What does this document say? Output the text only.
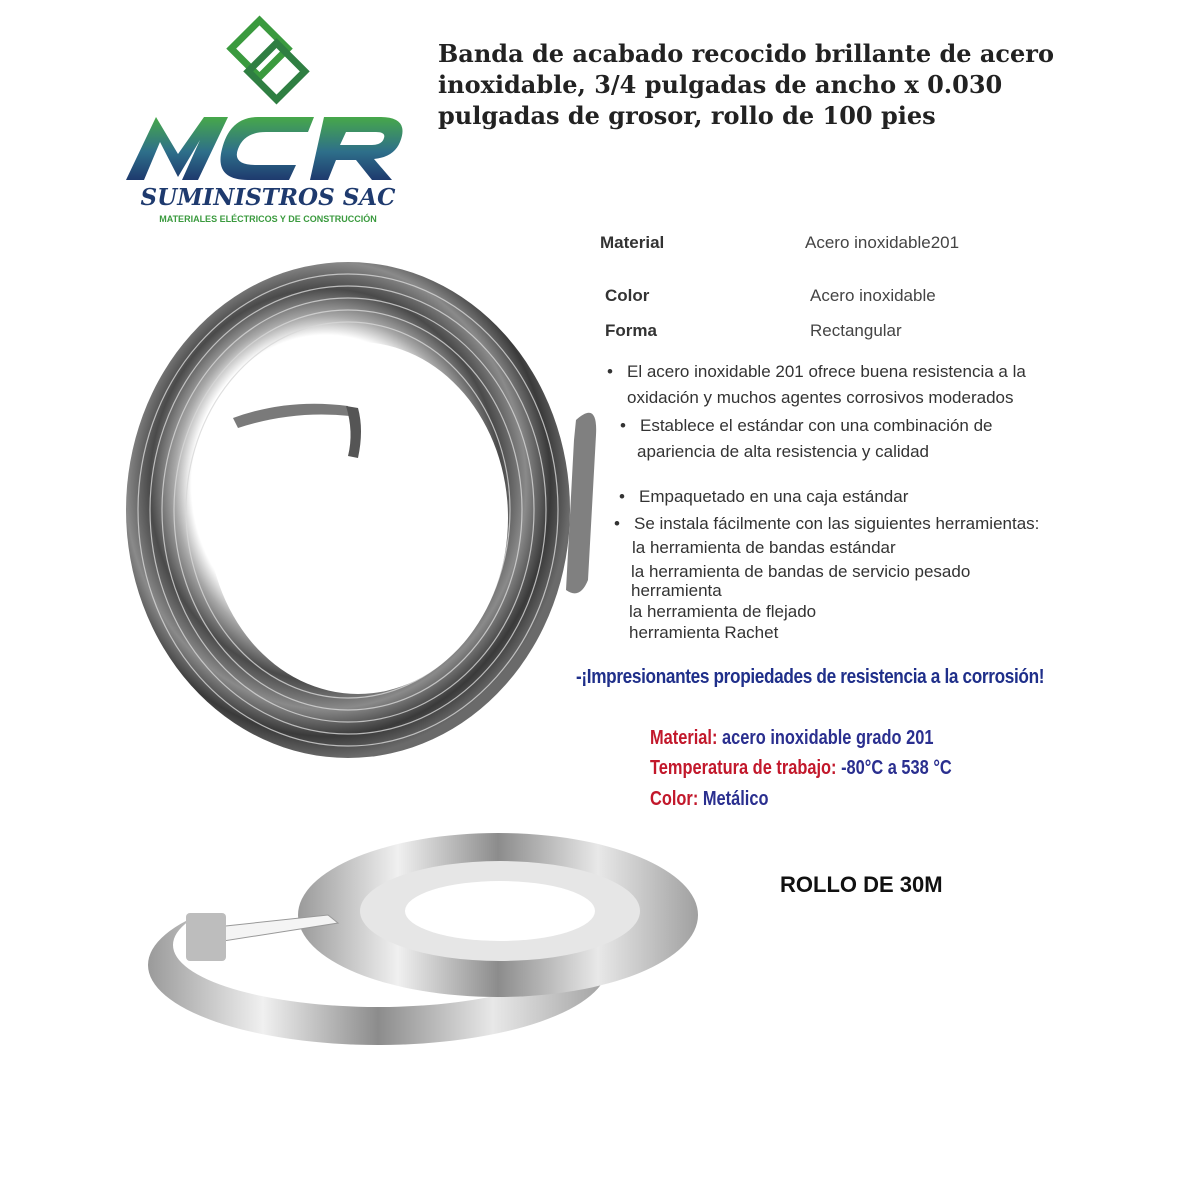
SUMINISTROS SAC
MATERIALES ELÉCTRICOS Y DE CONSTRUCCIÓN
Banda de acabado recocido brillante de acero inoxidable, 3/4 pulgadas de ancho x 0.030 pulgadas de grosor, rollo de 100 pies
Material	Acero inoxidable201
Color	Acero inoxidable
Forma	Rectangular
• El acero inoxidable 201 ofrece buena resistencia a la
oxidación y muchos agentes corrosivos moderados
• Establece el estándar con una combinación de
apariencia de alta resistencia y calidad
• Empaquetado en una caja estándar
• Se instala fácilmente con las siguientes herramientas:
la herramienta de bandas estándar
la herramienta de bandas de servicio pesado
herramienta
la herramienta de flejado
herramienta Rachet
-¡Impresionantes propiedades de resistencia a la corrosión!
Material: acero inoxidable grado 201
Temperatura de trabajo: -80°C a 538 °C
Color: Metálico
ROLLO DE 30M
